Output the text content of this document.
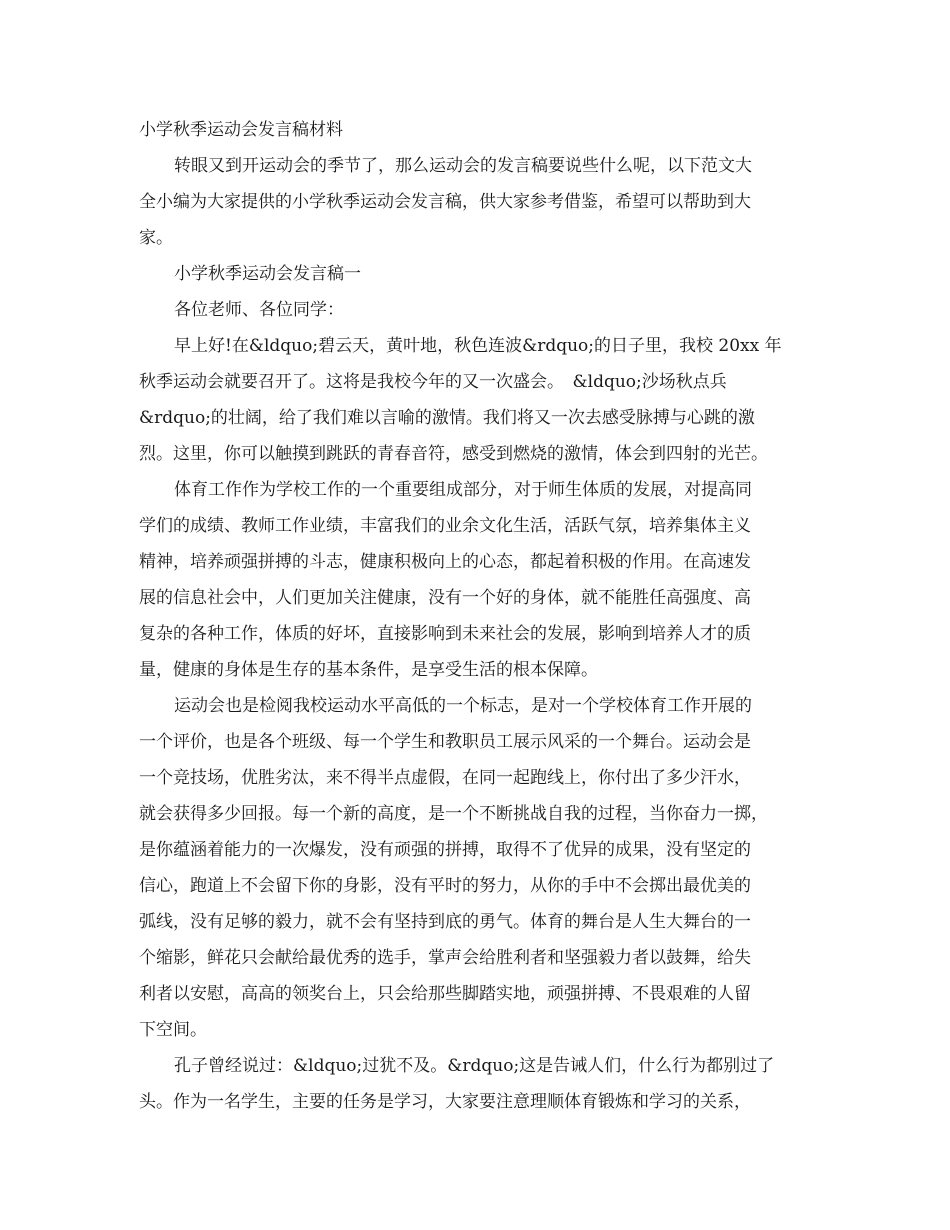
小学秋季运动会发言稿材料
转眼又到开运动会的季节了，那么运动会的发言稿要说些什么呢，以下范文大
全小编为大家提供的小学秋季运动会发言稿，供大家参考借鉴，希望可以帮助到大
家。
小学秋季运动会发言稿一
各位老师、各位同学：
早上好!在&ldquo;碧云天，黄叶地，秋色连波&rdquo;的日子里，我校 20xx 年
秋季运动会就要召开了。这将是我校今年的又一次盛会。　&ldquo;沙场秋点兵
&rdquo;的壮阔，给了我们难以言喻的激情。我们将又一次去感受脉搏与心跳的激
烈。这里，你可以触摸到跳跃的青春音符，感受到燃烧的激情，体会到四射的光芒。
体育工作作为学校工作的一个重要组成部分，对于师生体质的发展，对提高同
学们的成绩、教师工作业绩，丰富我们的业余文化生活，活跃气氛，培养集体主义
精神，培养顽强拼搏的斗志，健康积极向上的心态，都起着积极的作用。在高速发
展的信息社会中，人们更加关注健康，没有一个好的身体，就不能胜任高强度、高
复杂的各种工作，体质的好坏，直接影响到未来社会的发展，影响到培养人才的质
量，健康的身体是生存的基本条件，是享受生活的根本保障。
运动会也是检阅我校运动水平高低的一个标志，是对一个学校体育工作开展的
一个评价，也是各个班级、每一个学生和教职员工展示风采的一个舞台。运动会是
一个竞技场，优胜劣汰，来不得半点虚假，在同一起跑线上，你付出了多少汗水，
就会获得多少回报。每一个新的高度，是一个不断挑战自我的过程，当你奋力一掷，
是你蕴涵着能力的一次爆发，没有顽强的拼搏，取得不了优异的成果，没有坚定的
信心，跑道上不会留下你的身影，没有平时的努力，从你的手中不会掷出最优美的
弧线，没有足够的毅力，就不会有坚持到底的勇气。体育的舞台是人生大舞台的一
个缩影，鲜花只会献给最优秀的选手，掌声会给胜利者和坚强毅力者以鼓舞，给失
利者以安慰，高高的领奖台上，只会给那些脚踏实地，顽强拼搏、不畏艰难的人留
下空间。
孔子曾经说过：&ldquo;过犹不及。&rdquo;这是告诫人们，什么行为都别过了
头。作为一名学生，主要的任务是学习，大家要注意理顺体育锻炼和学习的关系，
